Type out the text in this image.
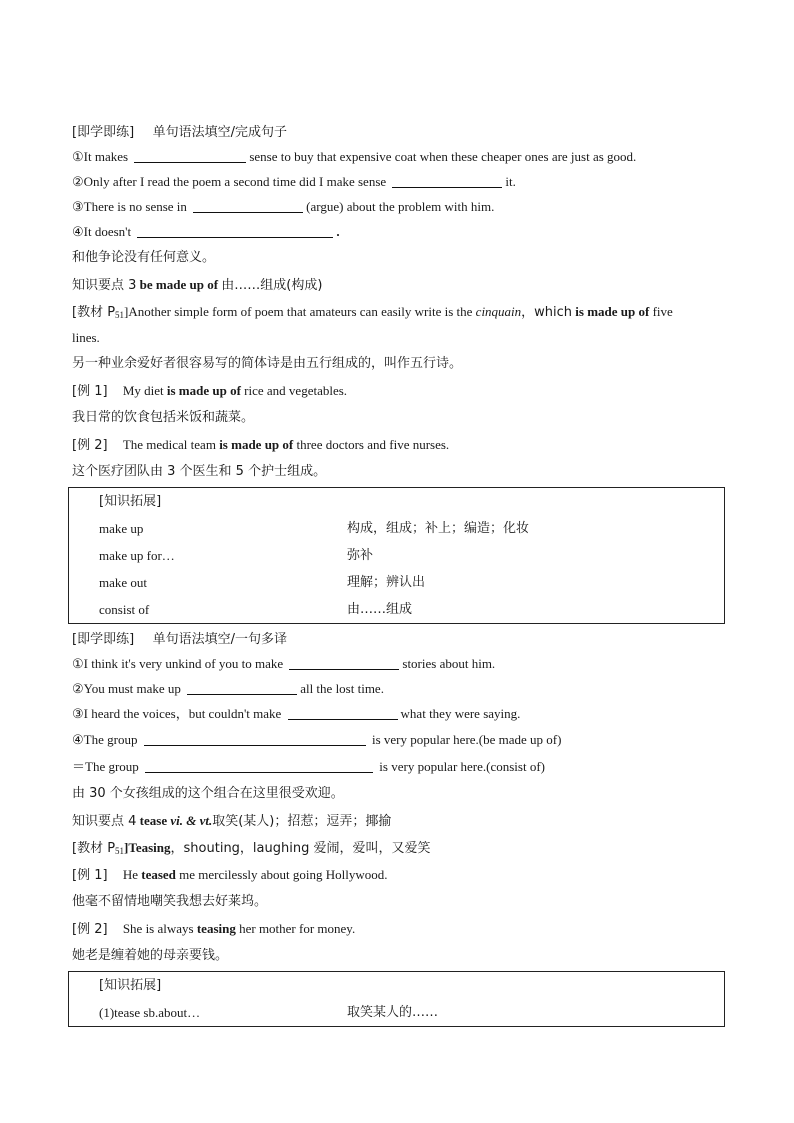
[即学即练] 单句语法填空/完成句子
①It makes	sense to buy that expensive coat when these cheaper ones are just as good.
②Only after I read the poem a second time did I make sense	it.
③There is no sense in	(argue) about the problem with him.
④It doesn't	.
和他争论没有任何意义。
知识要点 3 be made up of 由……组成(构成)
[教材 $P_{51}]Another$ simple form of poem that amateurs can easily write is the cinquain，which is made up of five
lines.
另一种业余爱好者很容易写的简体诗是由五行组成的，叫作五行诗。
[例 1] My diet is made up of rice and vegetables.
我日常的饮食包括米饭和蔬菜。
[例 2] The medical team is made up of three doctors and five nurses.
这个医疗团队由 3 个医生和 5 个护士组成。
[知识拓展]
make up	构成，组成；补上；编造；化妆
make up for…	弥补
make out	理解；辨认出
consist of	由……组成
[即学即练] 单句语法填空/一句多译
①I think it's very unkind of you to make	stories about him.
②You must make up	all the lost time.
③I heard the voices，but couldn't make	what they were saying.
④The group	is very popular here.(be made up of)
＝The group	is very popular here.(consist of)
由 30 个女孩组成的这个组合在这里很受欢迎。
知识要点 4 tease vi. & vt.取笑(某人)；招惹；逗弄；揶揄
[教材 $P_{51}]Teasing$，shouting，laughing 爱闹，爱叫，又爱笑
[例 1] He teased me mercilessly about going Hollywood.
他毫不留情地嘲笑我想去好莱坞。
[例 2] She is always teasing her mother for money.
她老是缠着她的母亲要钱。
[知识拓展]
(1)tease sb.about…	取笑某人的……
